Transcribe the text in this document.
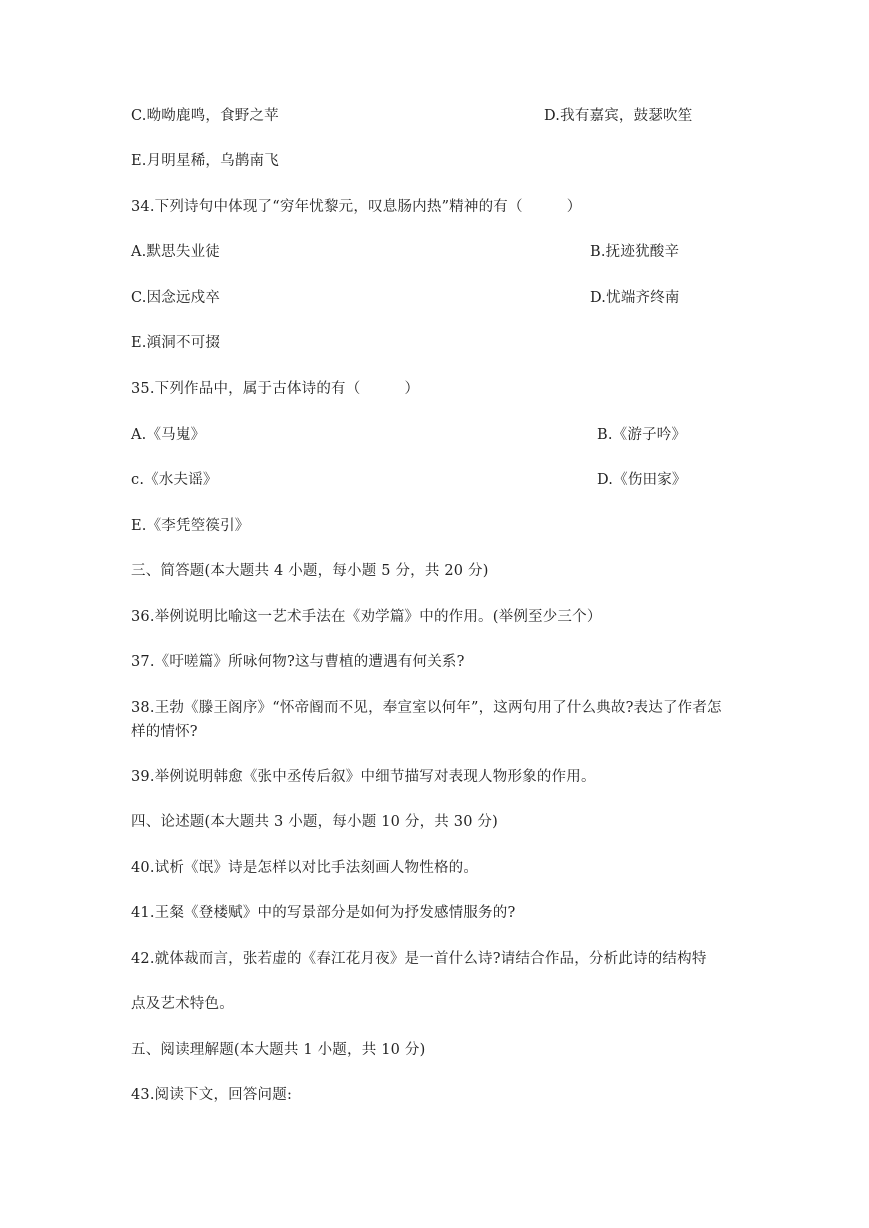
C.呦呦鹿鸣，食野之苹	D.我有嘉宾，鼓瑟吹笙
E.月明星稀，乌鹊南飞
34.下列诗句中体现了“穷年忧黎元，叹息肠内热”精神的有（　　　）
A.默思失业徒	B.抚迹犹酸辛
C.因念远戍卒	D.忧端齐终南
E.澒洞不可掇
35.下列作品中，属于古体诗的有（　　　）
A.《马嵬》	B.《游子吟》
c.《水夫谣》	D.《伤田家》
E.《李凭箜篌引》
三、简答题(本大题共 4 小题，每小题 5 分，共 20 分)
36.举例说明比喻这一艺术手法在《劝学篇》中的作用。(举例至少三个）
37.《吁嗟篇》所咏何物?这与曹植的遭遇有何关系?
38.王勃《滕王阁序》“怀帝阍而不见，奉宣室以何年”，这两句用了什么典故?表达了作者怎
样的情怀?
39.举例说明韩愈《张中丞传后叙》中细节描写对表现人物形象的作用。
四、论述题(本大题共 3 小题，每小题 10 分，共 30 分)
40.试析《氓》诗是怎样以对比手法刻画人物性格的。
41.王粲《登楼赋》中的写景部分是如何为抒发感情服务的?
42.就体裁而言，张若虚的《春江花月夜》是一首什么诗?请结合作品，分析此诗的结构特
点及艺术特色。
五、阅读理解题(本大题共 1 小题，共 10 分)
43.阅读下文，回答问题:
